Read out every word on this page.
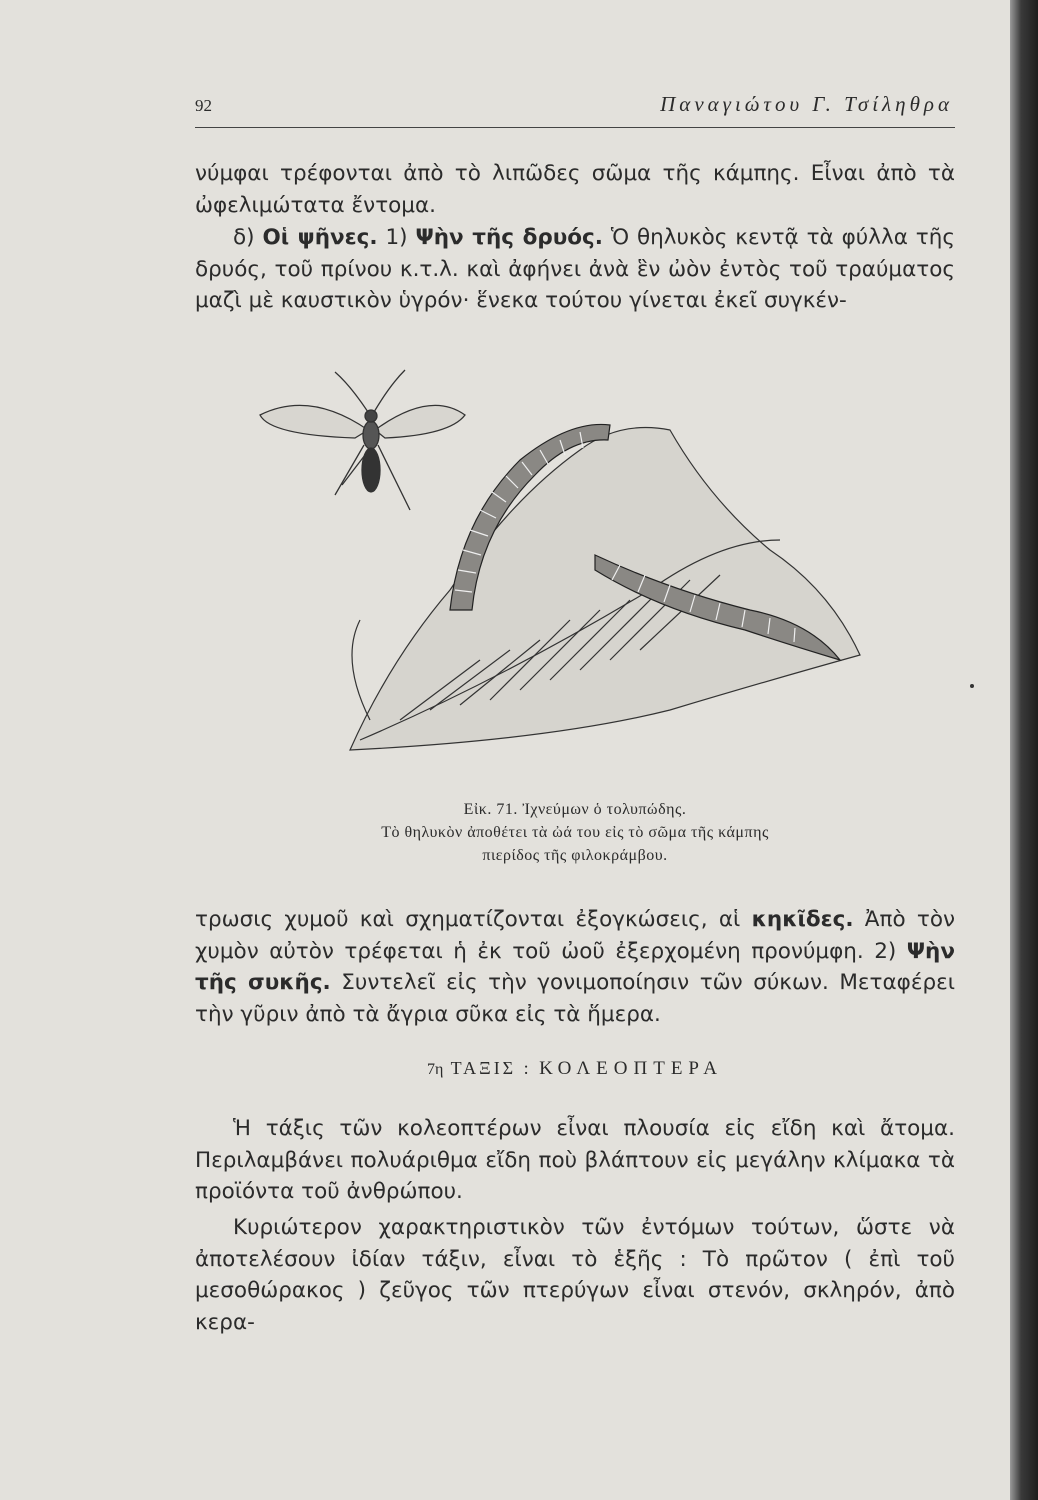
92	Παναγιώτου Γ. Τσίληθρα

νύμφαι τρέφονται ἀπὸ τὸ λιπῶδες σῶμα τῆς κάμπης. Εἶναι ἀπὸ τὰ ὠφελιμώτατα ἔντομα.

δ) Οἱ ψῆνες. 1) Ψὴν τῆς δρυός. Ὁ θηλυκὸς κεντᾷ τὰ φύλλα τῆς δρυός, τοῦ πρίνου κ.τ.λ. καὶ ἀφήνει ἀνὰ ἓν ὠὸν ἐντὸς τοῦ τραύματος μαζὶ μὲ καυστικὸν ὑγρόν· ἕνεκα τούτου γίνεται ἐκεῖ συγκέν-

Εἰκ. 71. Ἰχνεύμων ὁ τολυπώδης.
Τὸ θηλυκὸν ἀποθέτει τὰ ὠά του εἰς τὸ σῶμα τῆς κάμπης
πιερίδος τῆς φιλοκράμβου.

τρωσις χυμοῦ καὶ σχηματίζονται ἐξογκώσεις, αἱ κηκῖδες. Ἀπὸ τὸν χυμὸν αὐτὸν τρέφεται ἡ ἐκ τοῦ ὠοῦ ἐξερχομένη προνύμφη. 2) Ψὴν τῆς συκῆς. Συντελεῖ εἰς τὴν γονιμοποίησιν τῶν σύκων. Μεταφέρει τὴν γῦριν ἀπὸ τὰ ἄγρια σῦκα εἰς τὰ ἥμερα.

7η ΤΑΞΙΣ : ΚΟΛΕΟΠΤΕΡΑ

Ἡ τάξις τῶν κολεοπτέρων εἶναι πλουσία εἰς εἴδη καὶ ἄτομα. Περιλαμβάνει πολυάριθμα εἴδη ποὺ βλάπτουν εἰς μεγάλην κλίμακα τὰ προϊόντα τοῦ ἀνθρώπου.

Κυριώτερον χαρακτηριστικὸν τῶν ἐντόμων τούτων, ὥστε νὰ ἀποτελέσουν ἰδίαν τάξιν, εἶναι τὸ ἑξῆς : Τὸ πρῶτον ( ἐπὶ τοῦ μεσοθώρακος ) ζεῦγος τῶν πτερύγων εἶναι στενόν, σκληρόν, ἀπὸ κερα-
